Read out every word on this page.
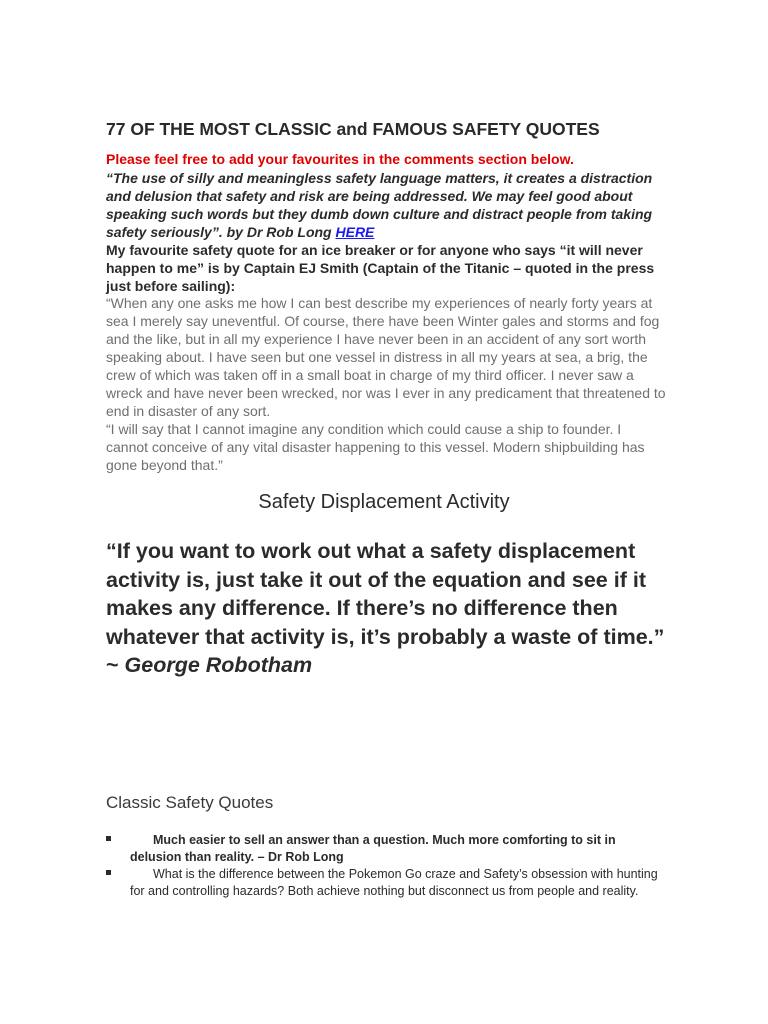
77 OF THE MOST CLASSIC and FAMOUS SAFETY QUOTES
Please feel free to add your favourites in the comments section below.
“The use of silly and meaningless safety language matters, it creates a distraction and delusion that safety and risk are being addressed. We may feel good about speaking such words but they dumb down culture and distract people from taking safety seriously”. by Dr Rob Long HERE
My favourite safety quote for an ice breaker or for anyone who says “it will never happen to me” is by Captain EJ Smith (Captain of the Titanic – quoted in the press just before sailing):

“When any one asks me how I can best describe my experiences of nearly forty years at sea I merely say uneventful. Of course, there have been Winter gales and storms and fog and the like, but in all my experience I have never been in an accident of any sort worth speaking about. I have seen but one vessel in distress in all my years at sea, a brig, the crew of which was taken off in a small boat in charge of my third officer. I never saw a wreck and have never been wrecked, nor was I ever in any predicament that threatened to end in disaster of any sort.

“I will say that I cannot imagine any condition which could cause a ship to founder. I cannot conceive of any vital disaster happening to this vessel. Modern shipbuilding has gone beyond that.”

Safety Displacement Activity
“If you want to work out what a safety displacement activity is, just take it out of the equation and see if it makes any difference. If there’s no difference then whatever that activity is, it’s probably a waste of time.” ~ George Robotham
Classic Safety Quotes
Much easier to sell an answer than a question. Much more comforting to sit in delusion than reality. – Dr Rob Long
What is the difference between the Pokemon Go craze and Safety’s obsession with hunting for and controlling hazards? Both achieve nothing but disconnect us from people and reality.
